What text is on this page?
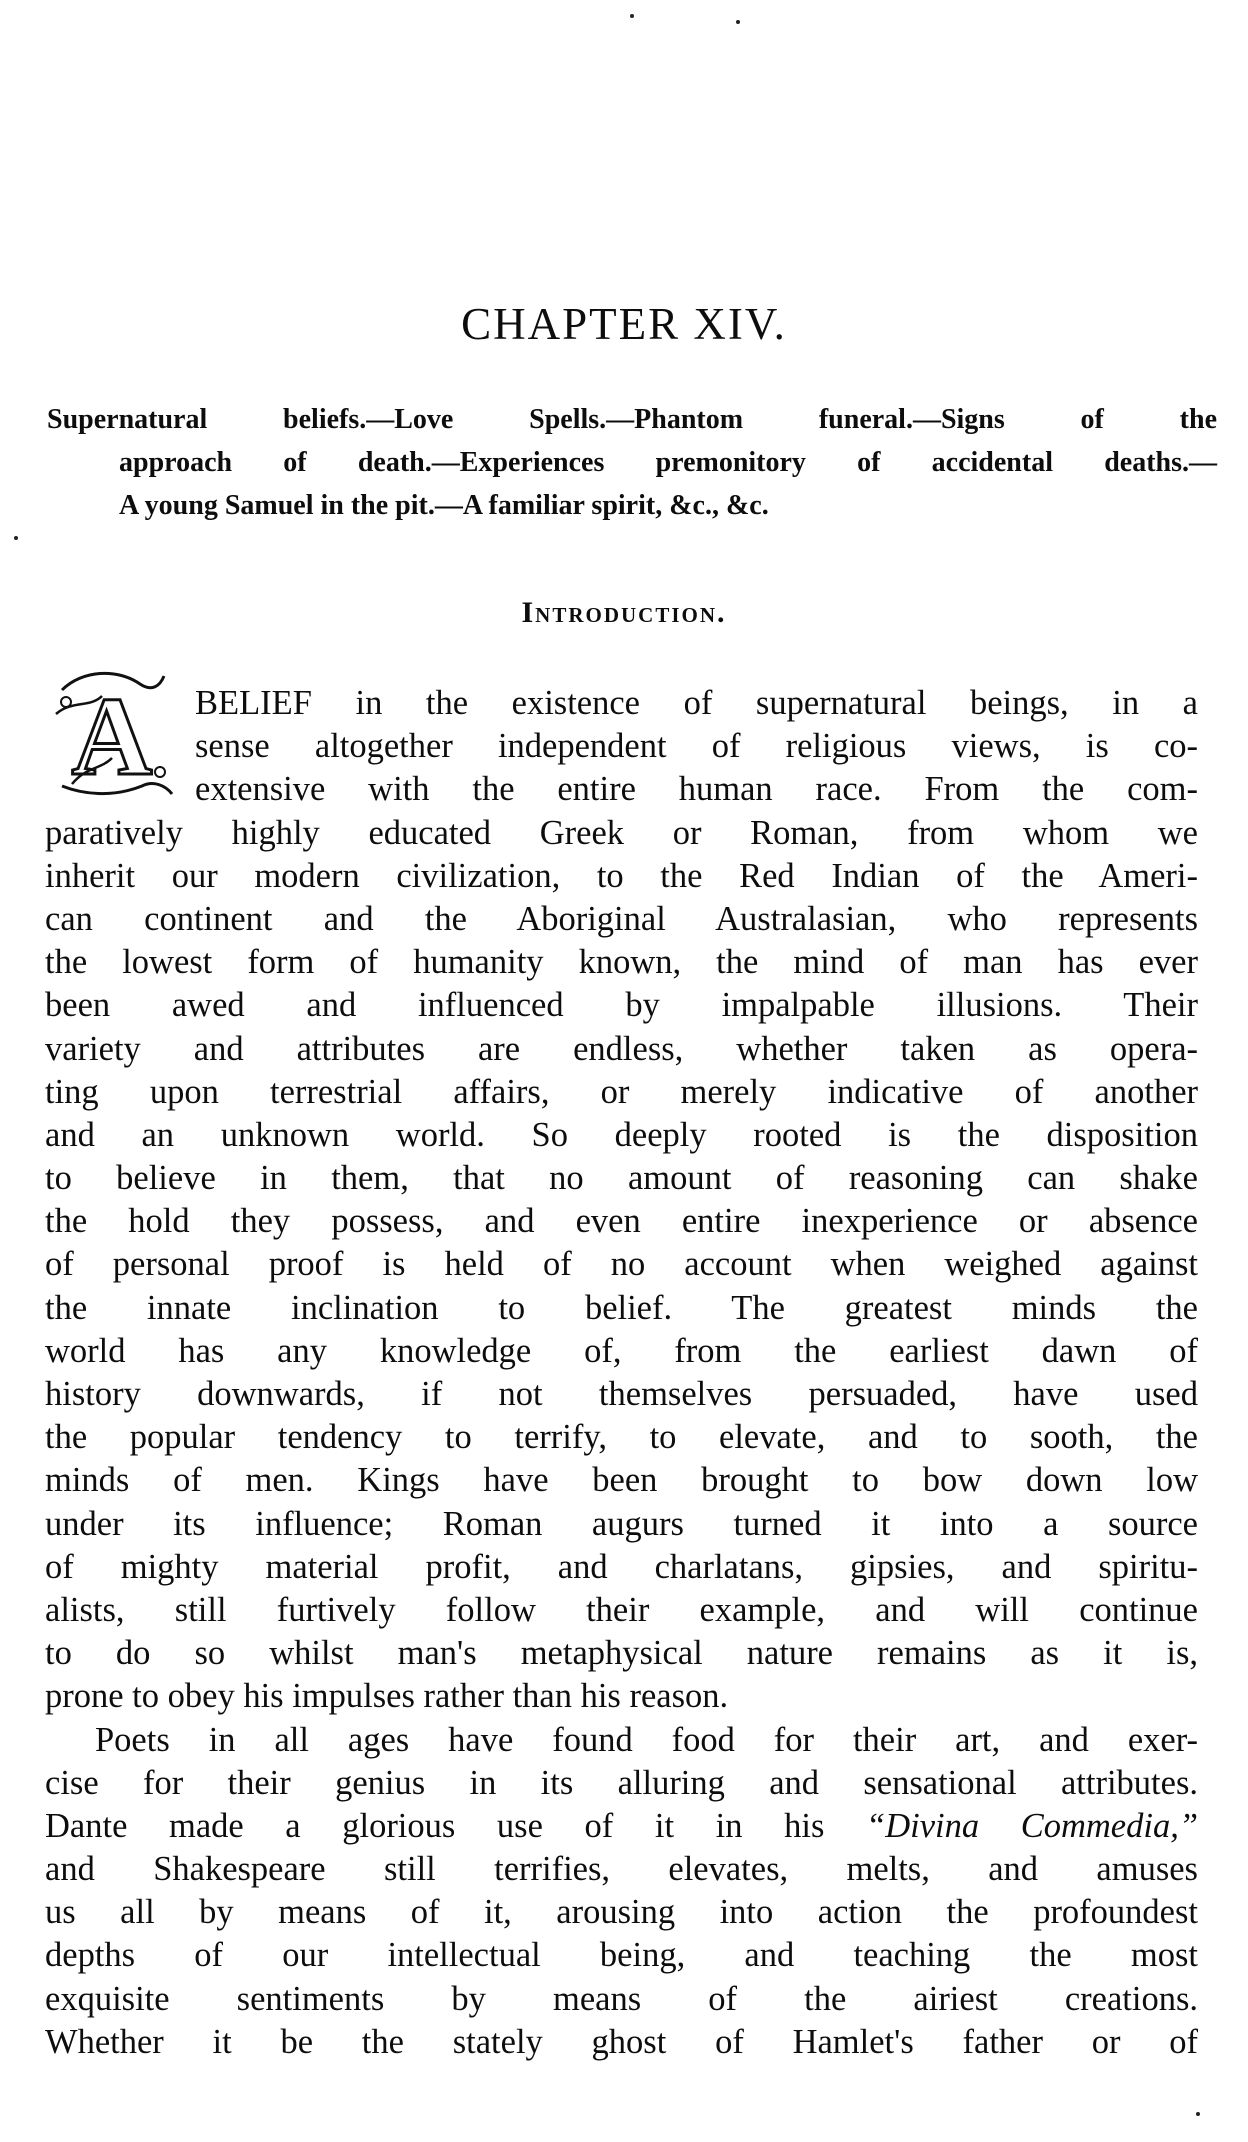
CHAPTER XIV.
Supernatural beliefs.—Love Spells.—Phantom funeral.—Signs of the
approach of death.—Experiences premonitory of accidental deaths.—
A young Samuel in the pit.—A familiar spirit, &c., &c.
Introduction.
A BELIEF in the existence of supernatural beings, in a
sense altogether independent of religious views, is co-
extensive with the entire human race. From the com-
paratively highly educated Greek or Roman, from whom we
inherit our modern civilization, to the Red Indian of the Ameri-
can continent and the Aboriginal Australasian, who represents
the lowest form of humanity known, the mind of man has ever
been awed and influenced by impalpable illusions. Their
variety and attributes are endless, whether taken as opera-
ting upon terrestrial affairs, or merely indicative of another
and an unknown world. So deeply rooted is the disposition
to believe in them, that no amount of reasoning can shake
the hold they possess, and even entire inexperience or absence
of personal proof is held of no account when weighed against
the innate inclination to belief. The greatest minds the
world has any knowledge of, from the earliest dawn of
history downwards, if not themselves persuaded, have used
the popular tendency to terrify, to elevate, and to sooth, the
minds of men. Kings have been brought to bow down low
under its influence; Roman augurs turned it into a source
of mighty material profit, and charlatans, gipsies, and spiritu-
alists, still furtively follow their example, and will continue
to do so whilst man's metaphysical nature remains as it is,
prone to obey his impulses rather than his reason.
Poets in all ages have found food for their art, and exer-
cise for their genius in its alluring and sensational attributes.
Dante made a glorious use of it in his “Divina Commedia,”
and Shakespeare still terrifies, elevates, melts, and amuses
us all by means of it, arousing into action the profoundest
depths of our intellectual being, and teaching the most
exquisite sentiments by means of the airiest creations.
Whether it be the stately ghost of Hamlet's father or of
